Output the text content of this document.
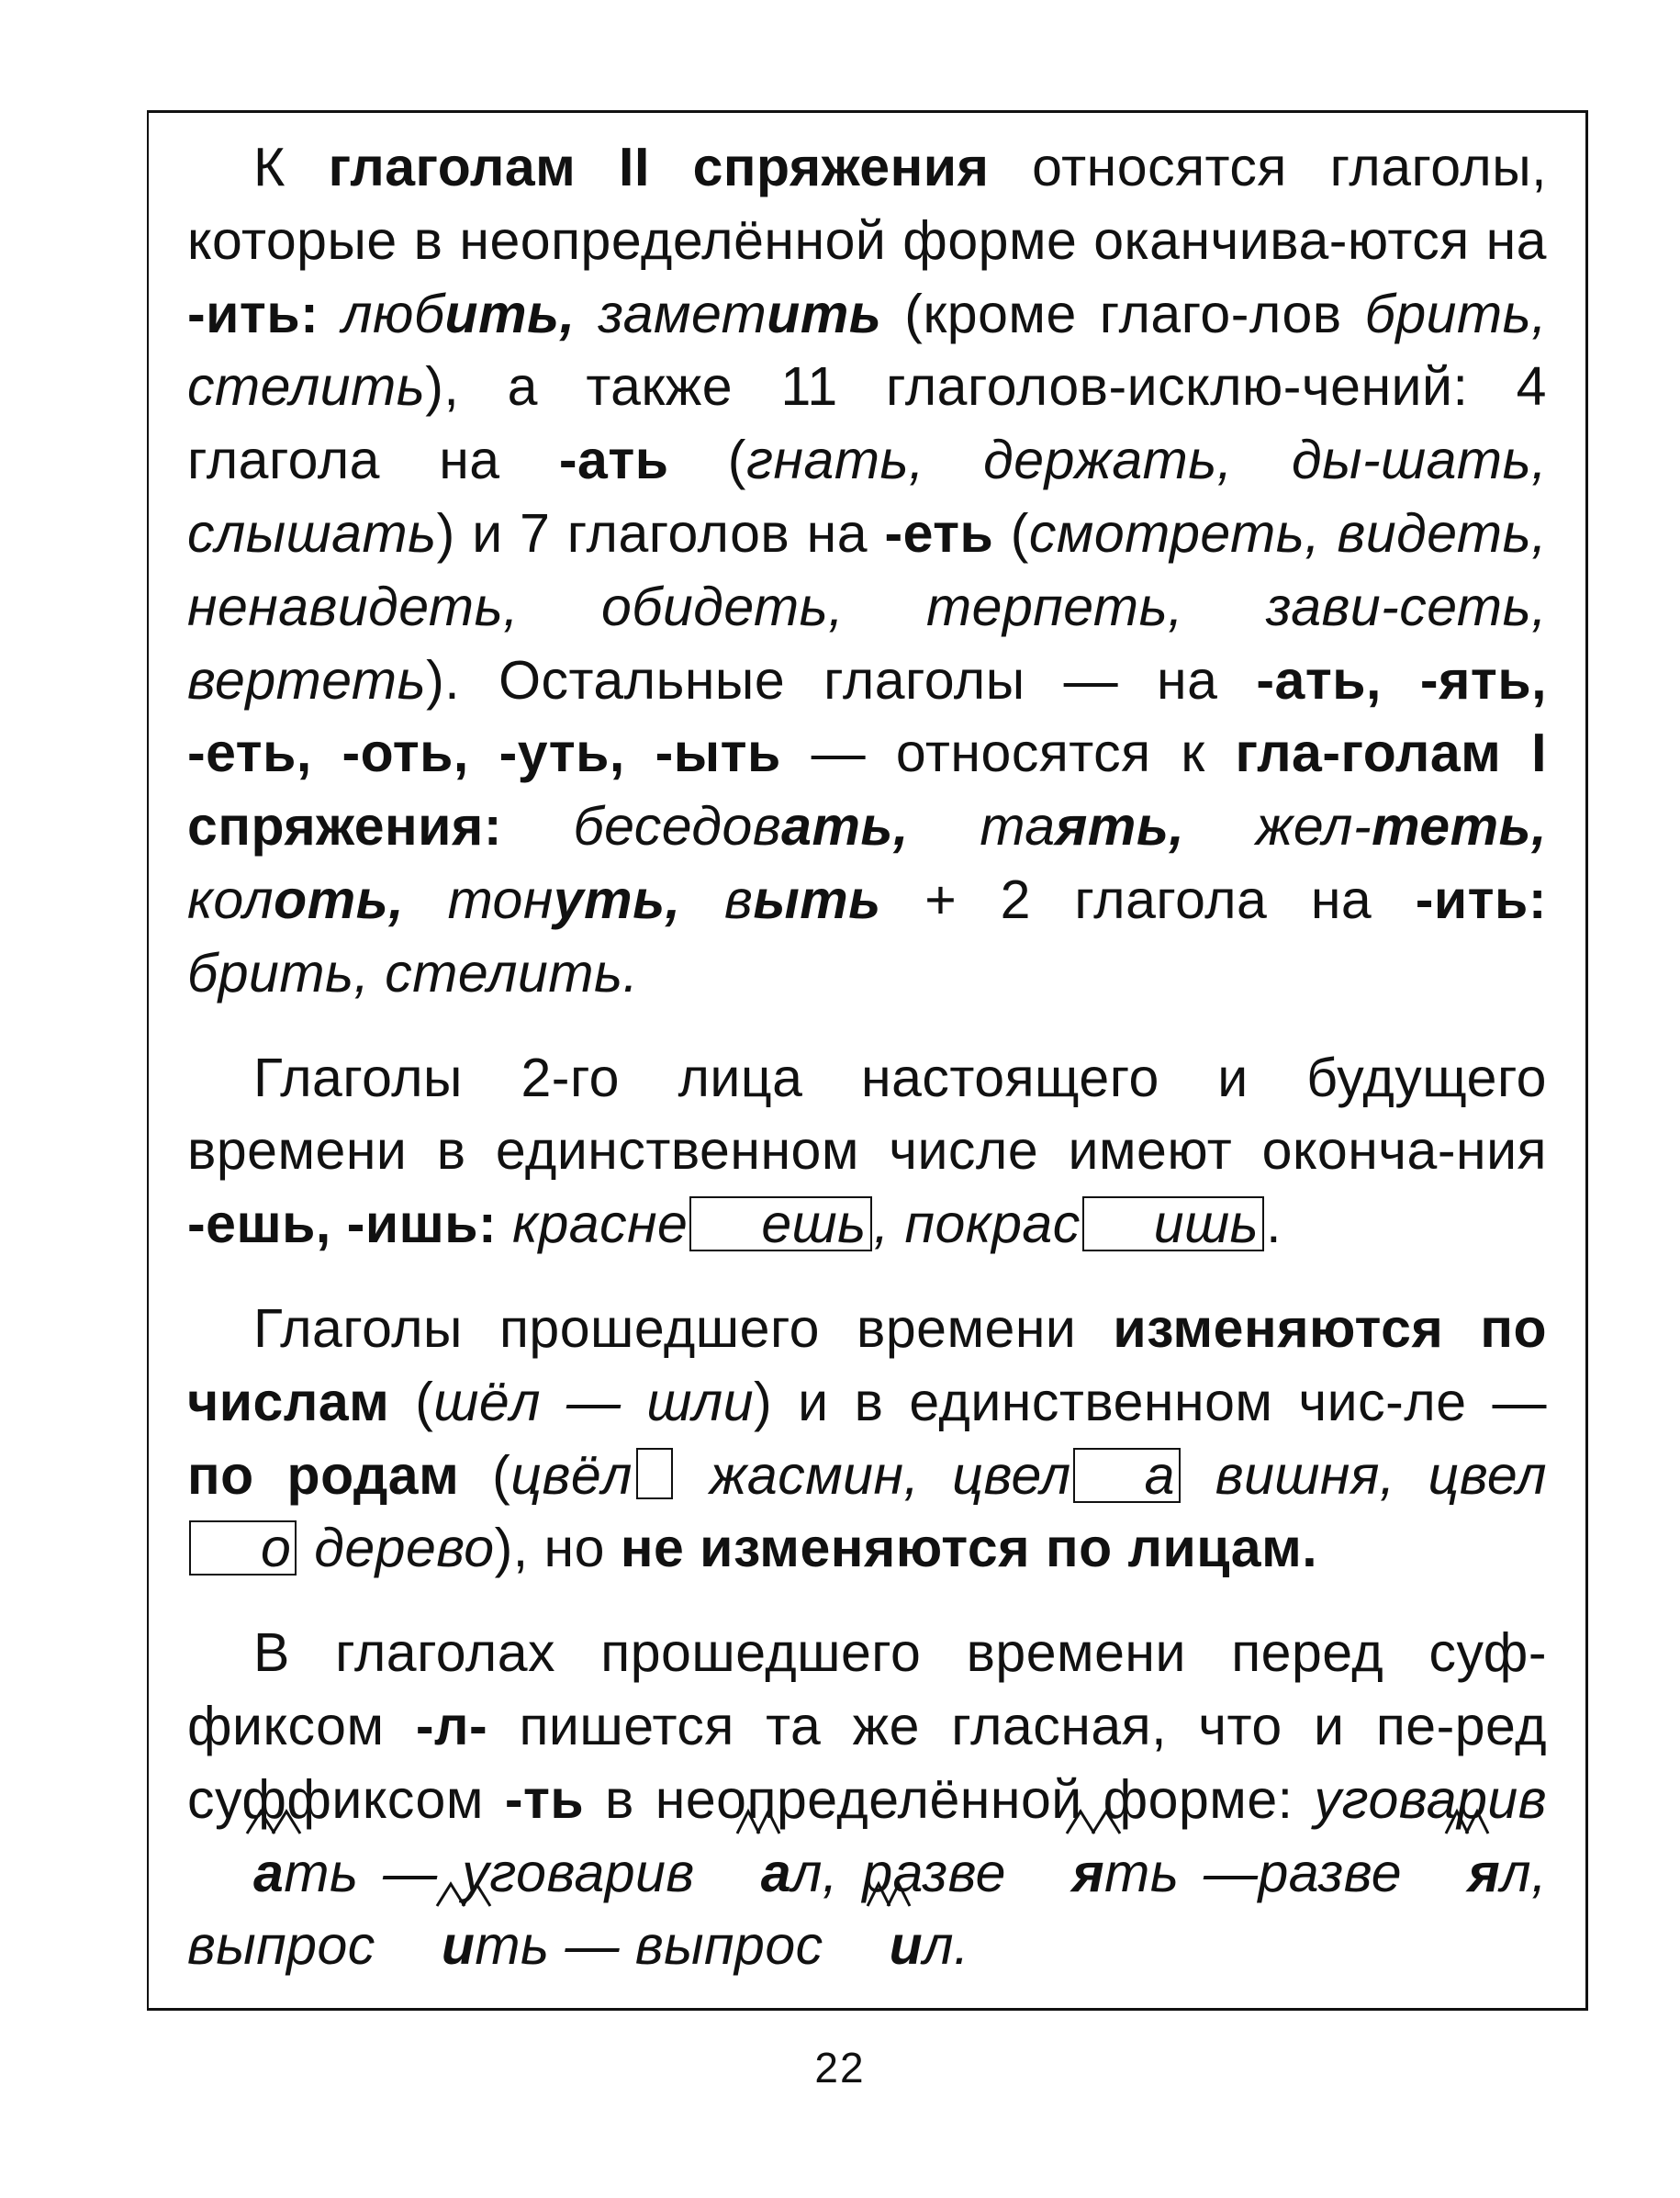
К глаголам II спряжения относятся глаголы, которые в неопределённой форме оканчива-ются на -ить: любить, заметить (кроме глаго-лов брить, стелить), а также 11 глаголов-исклю-чений: 4 глагола на -ать (гнать, держать, ды-шать, слышать) и 7 глаголов на -еть (смотреть, видеть, ненавидеть, обидеть, терпеть, зави-сеть, вертеть). Остальные глаголы — на -ать, -ять, -еть, -оть, -уть, -ыть — относятся к гла-голам I спряжения: беседовать, таять, жел-теть, колоть, тонуть, выть + 2 глагола на -ить: брить, стелить.

Глаголы 2-го лица настоящего и будущего времени в единственном числе имеют оконча-ния -ешь, -ишь: красне ешь , покрас ишь .

Глаголы прошедшего времени изменяются по числам (шёл — шли) и в единственном чис-ле — по родам (цвёл жасмин, цвел а вишня, цвело дерево), но не изменяются по лицам.

В глаголах прошедшего времени перед суф-фиксом -л- пишется та же гласная, что и пе-ред суффиксом -ть в неопределённой форме: уговаривать
— уговарив ал
, разве ять
—разве ял
, выпрос ить
— выпрос ил
.

22
